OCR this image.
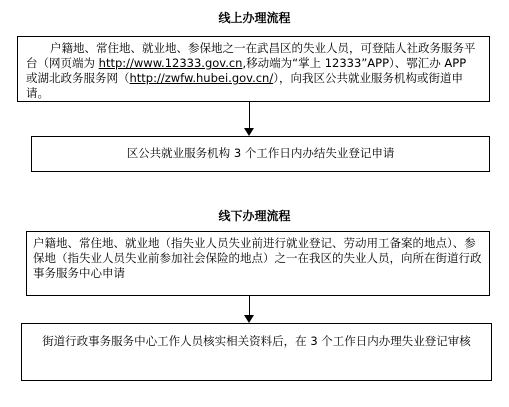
线上办理流程
户籍地、常住地、就业地、参保地之一在武昌区的失业人员，可登陆人社政务服务平台（网页端为 http://www.12333.gov.cn,移动端为“掌上 12333”APP）、鄂汇办 APP 或湖北政务服务网（http://zwfw.hubei.gov.cn/），向我区公共就业服务机构或街道申请。
区公共就业服务机构 3 个工作日内办结失业登记申请
线下办理流程
户籍地、常住地、就业地（指失业人员失业前进行就业登记、劳动用工备案的地点）、参保地（指失业人员失业前参加社会保险的地点）之一在我区的失业人员，向所在街道行政事务服务中心申请
街道行政事务服务中心工作人员核实相关资料后，在 3 个工作日内办理失业登记审核
